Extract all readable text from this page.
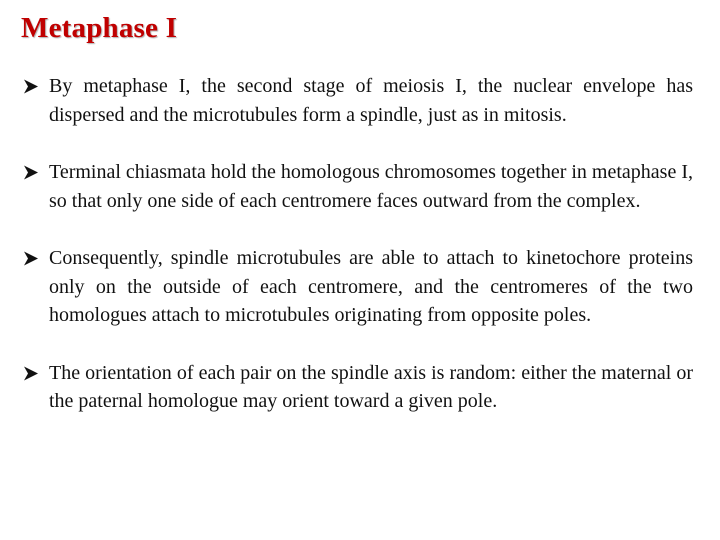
Metaphase I
By metaphase I, the second stage of meiosis I, the nuclear envelope has dispersed and the microtubules form a spindle, just as in mitosis.
Terminal chiasmata hold the homologous chromosomes together in metaphase I, so that only one side of each centromere faces outward from the complex.
Consequently, spindle microtubules are able to attach to kinetochore proteins only on the outside of each centromere, and the centromeres of the two homologues attach to microtubules originating from opposite poles.
The orientation of each pair on the spindle axis is random: either the maternal or the paternal homologue may orient toward a given pole.
